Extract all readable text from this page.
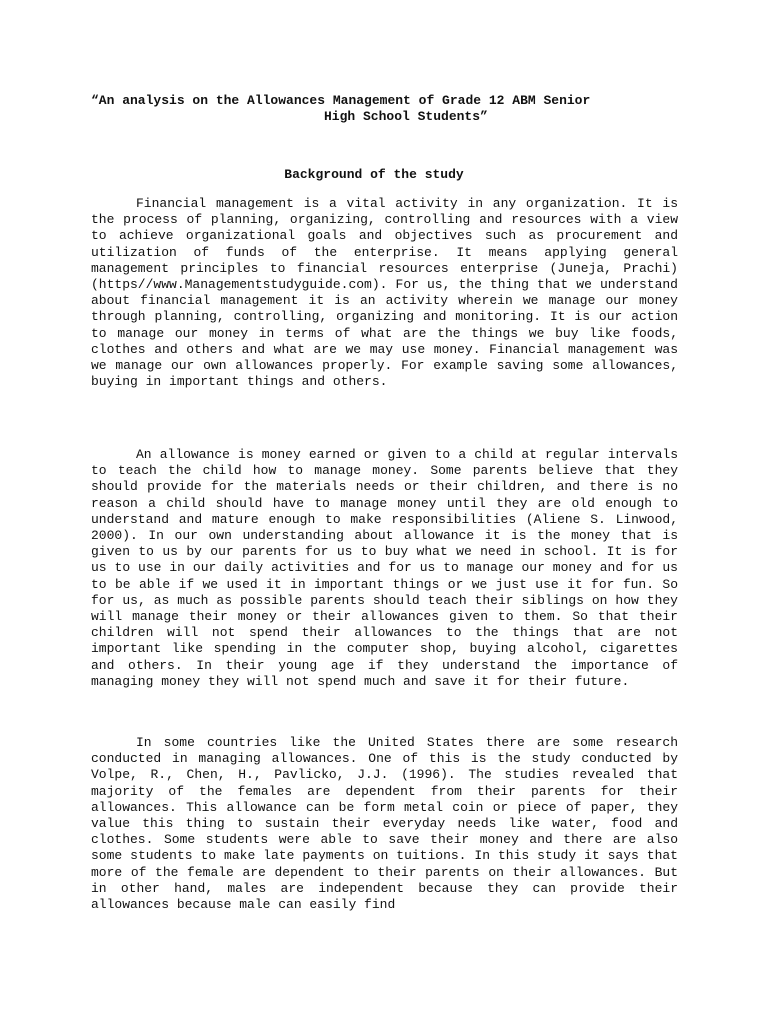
“An analysis on the Allowances Management of Grade 12 ABM Senior
High School Students”
Background of the study

Financial management is a vital activity in any organization. It is the process of planning, organizing, controlling and resources with a view to achieve organizational goals and objectives such as procurement and utilization of funds of the enterprise. It means applying general management principles to financial resources enterprise (Juneja, Prachi) (https//www.Managementstudyguide.com). For us, the thing that we understand about financial management it is an activity wherein we manage our money through planning, controlling, organizing and monitoring. It is our action to manage our money in terms of what are the things we buy like foods, clothes and others and what are we may use money. Financial management was we manage our own allowances properly. For example saving some allowances, buying in important things and others.

An allowance is money earned or given to a child at regular intervals to teach the child how to manage money. Some parents believe that they should provide for the materials needs or their children, and there is no reason a child should have to manage money until they are old enough to understand and mature enough to make responsibilities (Aliene S. Linwood, 2000). In our own understanding about allowance it is the money that is given to us by our parents for us to buy what we need in school. It is for us to use in our daily activities and for us to manage our money and for us to be able if we used it in important things or we just use it for fun. So for us, as much as possible parents should teach their siblings on how they will manage their money or their allowances given to them. So that their children will not spend their allowances to the things that are not important like spending in the computer shop, buying alcohol, cigarettes and others. In their young age if they understand the importance of managing money they will not spend much and save it for their future.

In some countries like the United States there are some research conducted in managing allowances. One of this is the study conducted by Volpe, R., Chen, H., Pavlicko, J.J. (1996). The studies revealed that majority of the females are dependent from their parents for their allowances. This allowance can be form metal coin or piece of paper, they value this thing to sustain their everyday needs like water, food and clothes. Some students were able to save their money and there are also some students to make late payments on tuitions. In this study it says that more of the female are dependent to their parents on their allowances. But in other hand, males are independent because they can provide their allowances because male can easily find
